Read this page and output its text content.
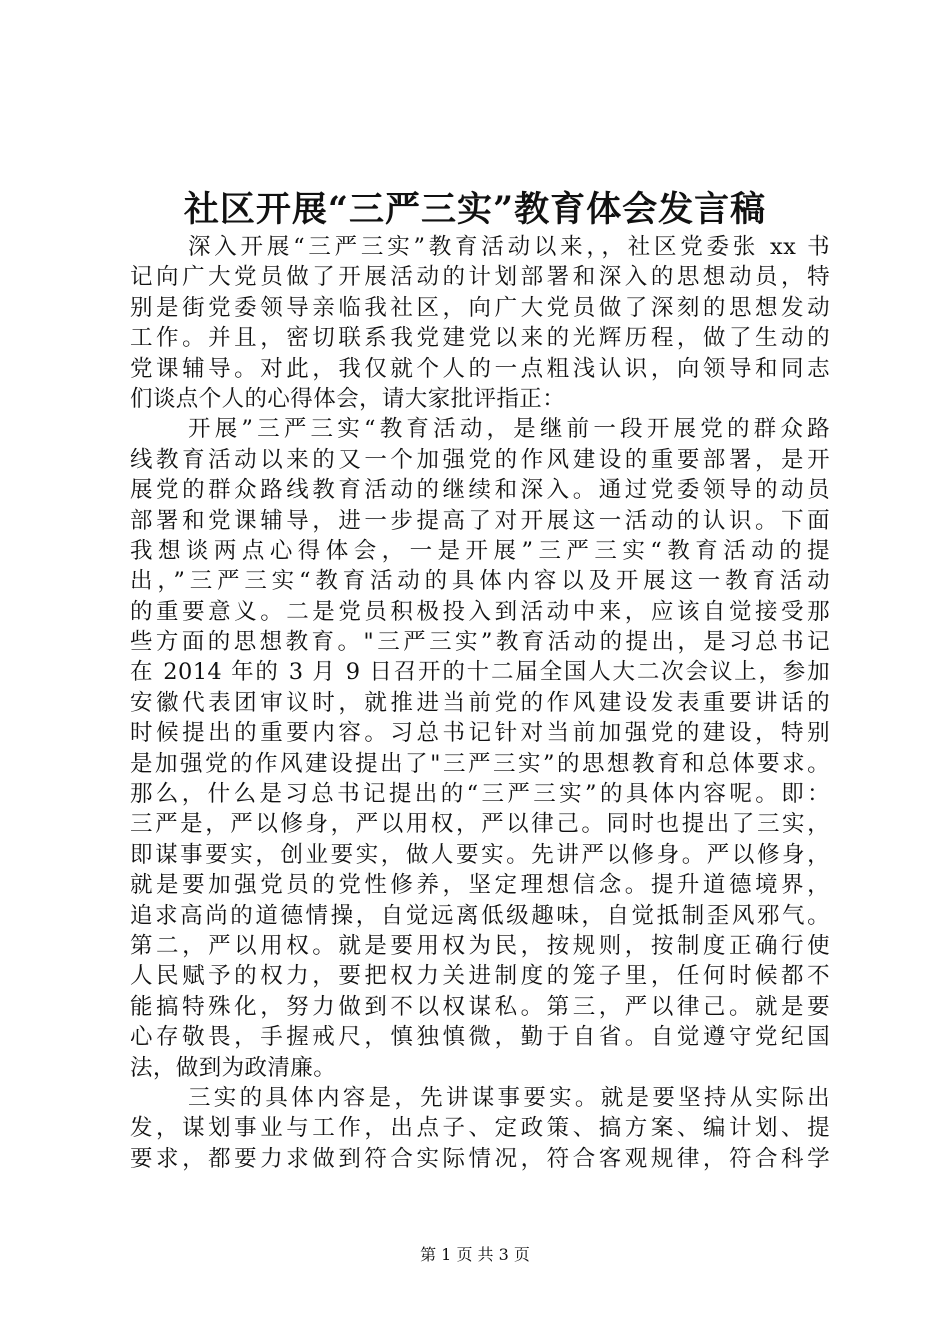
社区开展“三严三实”教育体会发言稿
深入开展“三严三实”教育活动以来，，社区党委张 xx 书
记向广大党员做了开展活动的计划部署和深入的思想动员，特
别是街党委领导亲临我社区，向广大党员做了深刻的思想发动
工作。并且，密切联系我党建党以来的光辉历程，做了生动的
党课辅导。对此，我仅就个人的一点粗浅认识，向领导和同志
们谈点个人的心得体会，请大家批评指正：
开展”三严三实“教育活动，是继前一段开展党的群众路
线教育活动以来的又一个加强党的作风建设的重要部署，是开
展党的群众路线教育活动的继续和深入。通过党委领导的动员
部署和党课辅导，进一步提高了对开展这一活动的认识。下面
我想谈两点心得体会，一是开展”三严三实“教育活动的提
出，”三严三实“教育活动的具体内容以及开展这一教育活动
的重要意义。二是党员积极投入到活动中来，应该自觉接受那
些方面的思想教育。"三严三实”教育活动的提出，是习总书记
在 2014 年的 3 月 9 日召开的十二届全国人大二次会议上，参加
安徽代表团审议时，就推进当前党的作风建设发表重要讲话的
时候提出的重要内容。习总书记针对当前加强党的建设，特别
是加强党的作风建设提出了"三严三实”的思想教育和总体要求。
那么，什么是习总书记提出的“三严三实”的具体内容呢。即：
三严是，严以修身，严以用权，严以律己。同时也提出了三实，
即谋事要实，创业要实，做人要实。先讲严以修身。严以修身，
就是要加强党员的党性修养，坚定理想信念。提升道德境界，
追求高尚的道德情操，自觉远离低级趣味，自觉抵制歪风邪气。
第二，严以用权。就是要用权为民，按规则，按制度正确行使
人民赋予的权力，要把权力关进制度的笼子里，任何时候都不
能搞特殊化，努力做到不以权谋私。第三，严以律己。就是要
心存敬畏，手握戒尺，慎独慎微，勤于自省。自觉遵守党纪国
法，做到为政清廉。
三实的具体内容是，先讲谋事要实。就是要坚持从实际出
发，谋划事业与工作，出点子、定政策、搞方案、编计划、提
要求，都要力求做到符合实际情况，符合客观规律，符合科学
第 1 页 共 3 页
